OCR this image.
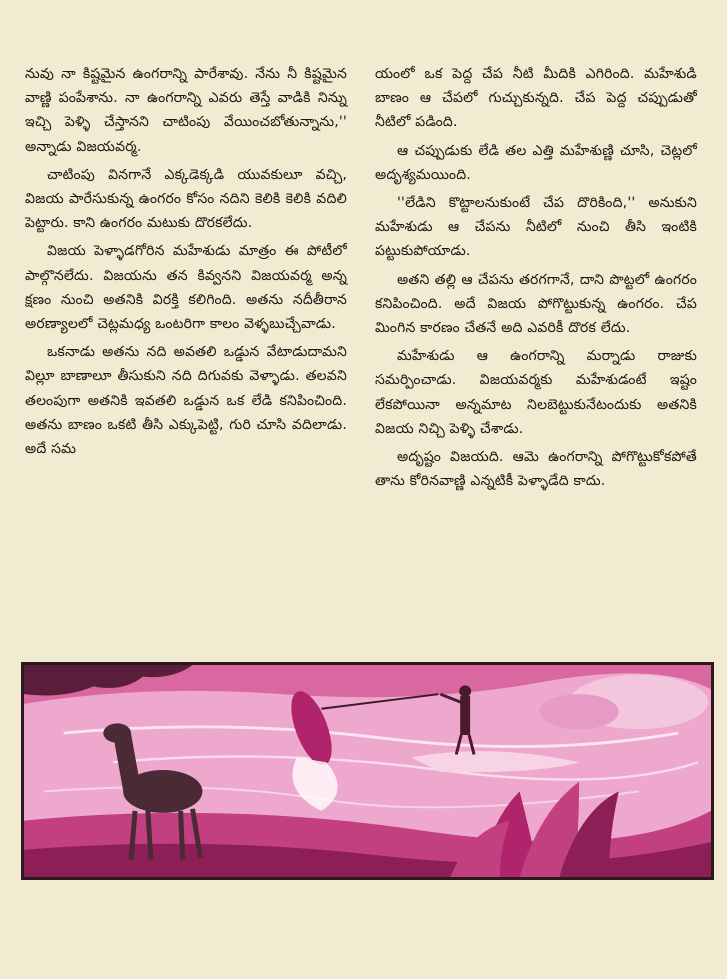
నువు నా కిష్టమైన ఉంగరాన్ని పారేశావు. నేను నీ కిష్టమైన వాణ్ణి పంపేశాను. నా ఉంగరాన్ని ఎవరు తెస్తే వాడికి నిన్ను ఇచ్చి పెళ్ళి చేస్తానని చాటింపు వేయించబోతున్నాను,'' అన్నాడు విజయవర్మ.

చాటింపు వినగానే ఎక్కడెక్కడి యువకులూ వచ్చి, విజయ పారేసుకున్న ఉంగరం కోసం నదిని కెలికి కెలికి వదిలి పెట్టారు. కాని ఉంగరం మటుకు దొరకలేదు.

విజయ పెళ్ళాడగోరిన మహేశుడు మాత్రం ఈ పోటీలో పాల్గొనలేదు. విజయను తన కివ్వనని విజయవర్మ అన్న క్షణం నుంచి అతనికి విరక్తి కలిగింది. అతను నదీతీరాన అరణ్యాలలో చెట్లమధ్య ఒంటరిగా కాలం వెళ్ళబుచ్చేవాడు.

ఒకనాడు అతను నది అవతలి ఒడ్డున వేటాడుదామని విల్లూ బాణాలూ తీసుకుని నది దిగువకు వెళ్ళాడు. తలవని తలంపుగా అతనికి ఇవతలి ఒడ్డున ఒక లేడి కనిపించింది. అతను బాణం ఒకటి తీసి ఎక్కుపెట్టి, గురి చూసి వదిలాడు. అదే సమ

యంలో ఒక పెద్ద చేప నీటి మీదికి ఎగిరింది. మహేశుడి బాణం ఆ చేపలో గుచ్చుకున్నది. చేప పెద్ద చప్పుడుతో నీటిలో పడింది.

ఆ చప్పుడుకు లేడి తల ఎత్తి మహేశుణ్ణి చూసి, చెట్లలో అదృశ్యమయింది.

''లేడిని కొట్టాలనుకుంటే చేప దొరికింది,'' అనుకుని మహేశుడు ఆ చేపను నీటిలో నుంచి తీసి ఇంటికి పట్టుకుపోయాడు.

అతని తల్లి ఆ చేపను తరగగానే, దాని పొట్టలో ఉంగరం కనిపించింది. అదే విజయ పోగొట్టుకున్న ఉంగరం. చేప మింగిన కారణం చేతనే అది ఎవరికీ దొరక లేదు.

మహేశుడు ఆ ఉంగరాన్ని మర్నాడు రాజుకు సమర్పించాడు. విజయవర్మకు మహేశుడంటే ఇష్టం లేకపోయినా అన్నమాట నిలబెట్టుకునేటందుకు అతనికి విజయ నిచ్చి పెళ్ళి చేశాడు.

అదృష్టం విజయది. ఆమె ఉంగరాన్ని పోగొట్టుకోకపోతే తాను కోరినవాణ్ణి ఎన్నటికీ పెళ్ళాడేది కాదు.
